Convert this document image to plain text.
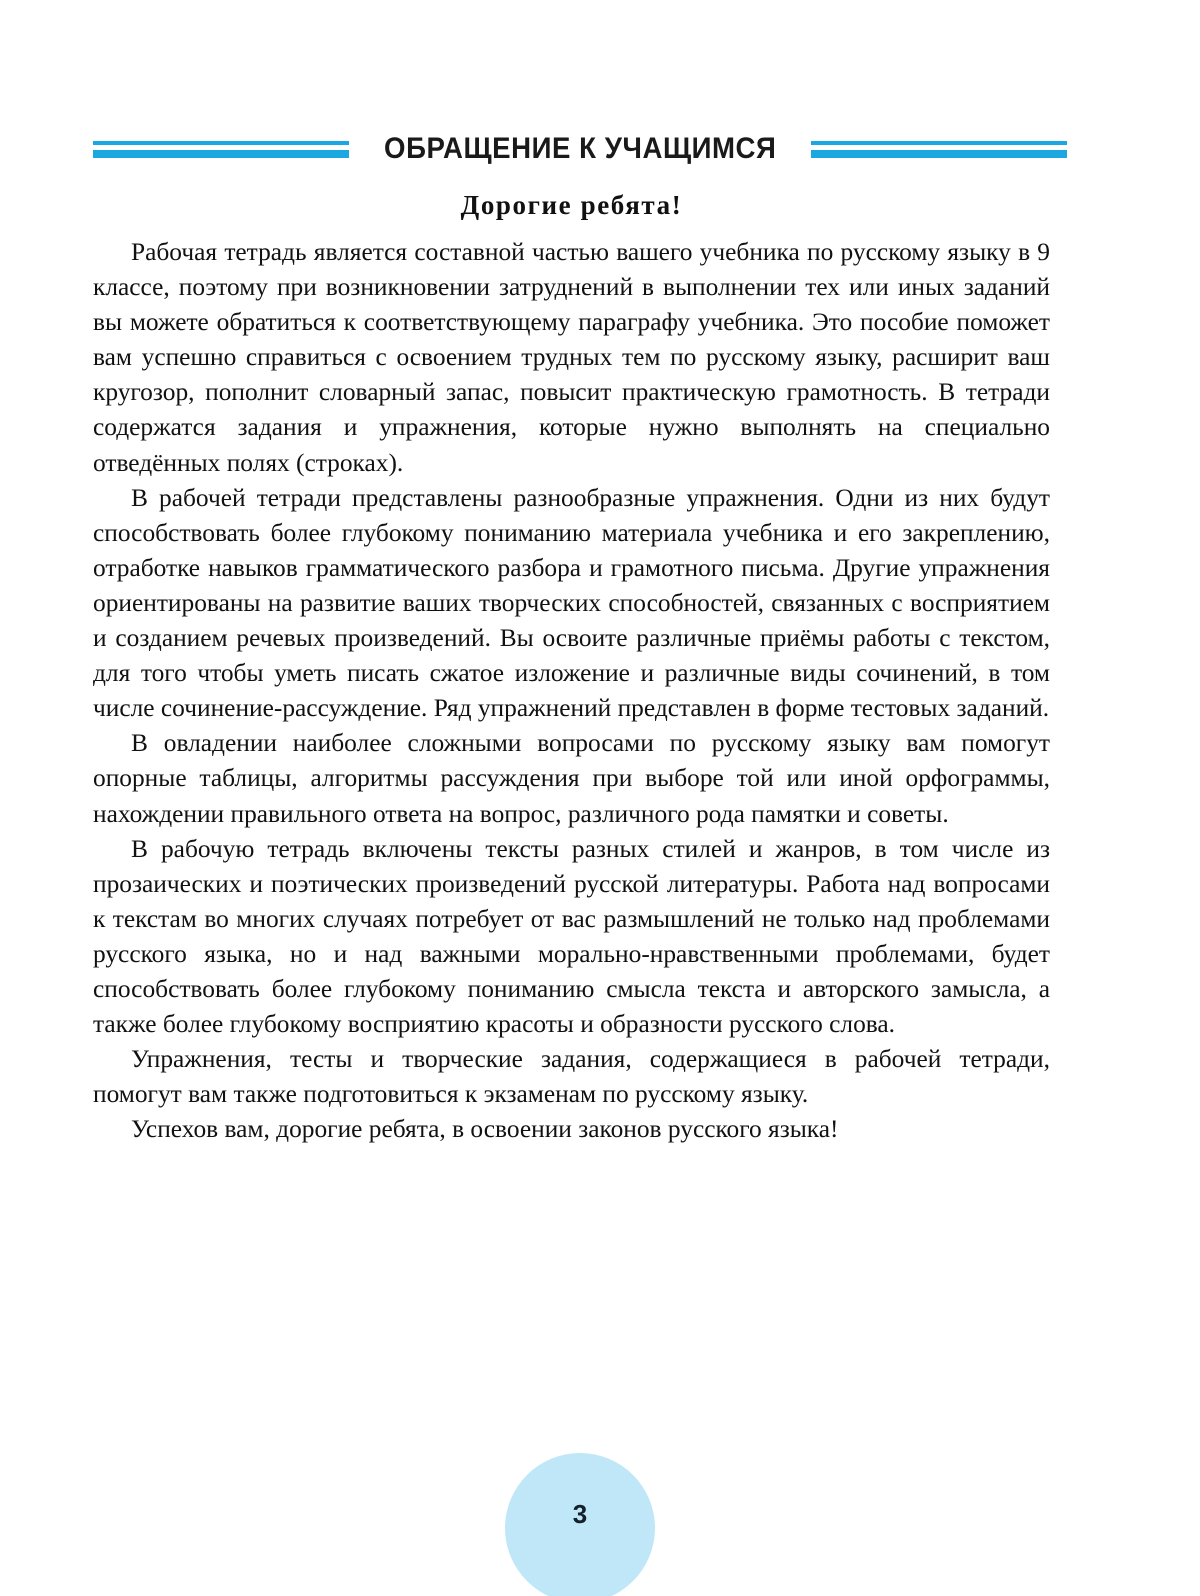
ОБРАЩЕНИЕ К УЧАЩИМСЯ
Дорогие ребята!

Рабочая тетрадь является составной частью вашего учебника по русскому языку в 9 классе, поэтому при возникновении затруднений в выполнении тех или иных заданий вы можете обратиться к соответствующему параграфу учебника. Это пособие поможет вам успешно справиться с освоением трудных тем по русскому языку, расширит ваш кругозор, пополнит словарный запас, повысит практическую грамотность. В тетради содержатся задания и упражнения, которые нужно выполнять на специально отведённых полях (строках).

В рабочей тетради представлены разнообразные упражнения. Одни из них будут способствовать более глубокому пониманию материала учебника и его закреплению, отработке навыков грамматического разбора и грамотного письма. Другие упражнения ориентированы на развитие ваших творческих способностей, связанных с восприятием и созданием речевых произведений. Вы освоите различные приёмы работы с текстом, для того чтобы уметь писать сжатое изложение и различные виды сочинений, в том числе сочинение-рассуждение. Ряд упражнений представлен в форме тестовых заданий.

В овладении наиболее сложными вопросами по русскому языку вам помогут опорные таблицы, алгоритмы рассуждения при выборе той или иной орфограммы, нахождении правильного ответа на вопрос, различного рода памятки и советы.

В рабочую тетрадь включены тексты разных стилей и жанров, в том числе из прозаических и поэтических произведений русской литературы. Работа над вопросами к текстам во многих случаях потребует от вас размышлений не только над проблемами русского языка, но и над важными морально-нравственными проблемами, будет способствовать более глубокому пониманию смысла текста и авторского замысла, а также более глубокому восприятию красоты и образности русского слова.

Упражнения, тесты и творческие задания, содержащиеся в рабочей тетради, помогут вам также подготовиться к экзаменам по русскому языку.

Успехов вам, дорогие ребята, в освоении законов русского языка!

3
